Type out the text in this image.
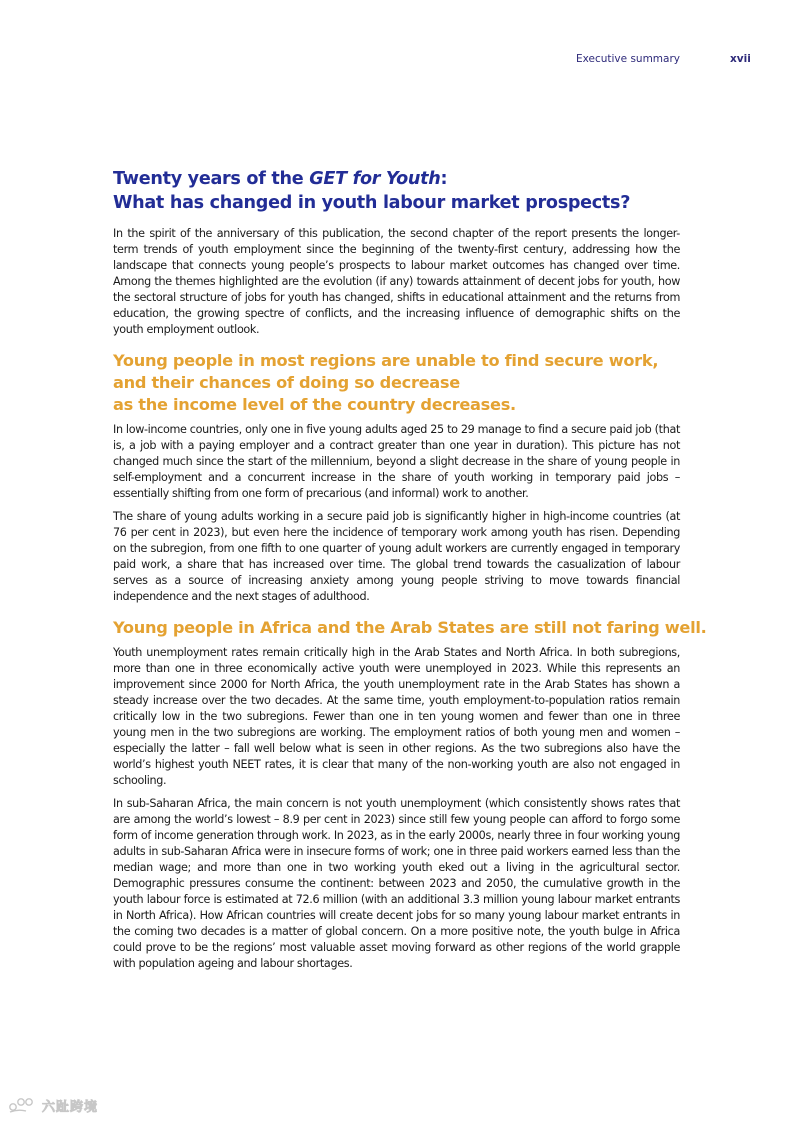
Executive summary	xvii
Twenty years of the GET for Youth:
What has changed in youth labour market prospects?

In the spirit of the anniversary of this publication, the second chapter of the report presents the longer-term trends of youth employment since the beginning of the twenty-first century, addressing how the landscape that connects young people’s prospects to labour market outcomes has changed over time. Among the themes highlighted are the evolution (if any) towards attainment of decent jobs for youth, how the sectoral structure of jobs for youth has changed, shifts in educational attainment and the returns from education, the growing spectre of conflicts, and the increasing influence of demographic shifts on the youth employment outlook.

Young people in most regions are unable to find secure work,
and their chances of doing so decrease
as the income level of the country decreases.

In low-income countries, only one in five young adults aged 25 to 29 manage to find a secure paid job (that is, a job with a paying employer and a contract greater than one year in duration). This picture has not changed much since the start of the millennium, beyond a slight decrease in the share of young people in self-employment and a concurrent increase in the share of youth working in temporary paid jobs – essentially shifting from one form of precarious (and informal) work to another.

The share of young adults working in a secure paid job is significantly higher in high-income countries (at 76 per cent in 2023), but even here the incidence of temporary work among youth has risen. Depending on the subregion, from one fifth to one quarter of young adult workers are currently engaged in temporary paid work, a share that has increased over time. The global trend towards the casualization of labour serves as a source of increasing anxiety among young people striving to move towards financial independence and the next stages of adulthood.

Young people in Africa and the Arab States are still not faring well.

Youth unemployment rates remain critically high in the Arab States and North Africa. In both subregions, more than one in three economically active youth were unemployed in 2023. While this represents an improvement since 2000 for North Africa, the youth unemployment rate in the Arab States has shown a steady increase over the two decades. At the same time, youth employment-to-population ratios remain critically low in the two subregions. Fewer than one in ten young women and fewer than one in three young men in the two subregions are working. The employment ratios of both young men and women – especially the latter – fall well below what is seen in other regions. As the two subregions also have the world’s highest youth NEET rates, it is clear that many of the non-working youth are also not engaged in schooling.

In sub-Saharan Africa, the main concern is not youth unemployment (which consistently shows rates that are among the world’s lowest – 8.9 per cent in 2023) since still few young people can afford to forgo some form of income generation through work. In 2023, as in the early 2000s, nearly three in four working young adults in sub-Saharan Africa were in insecure forms of work; one in three paid workers earned less than the median wage; and more than one in two working youth eked out a living in the agricultural sector. Demographic pressures consume the continent: between 2023 and 2050, the cumulative growth in the youth labour force is estimated at 72.6 million (with an additional 3.3 million young labour market entrants in North Africa). How African countries will create decent jobs for so many young labour market entrants in the coming two decades is a matter of global concern. On a more positive note, the youth bulge in Africa could prove to be the regions’ most valuable asset moving forward as other regions of the world grapple with population ageing and labour shortages.

六趾跨境
